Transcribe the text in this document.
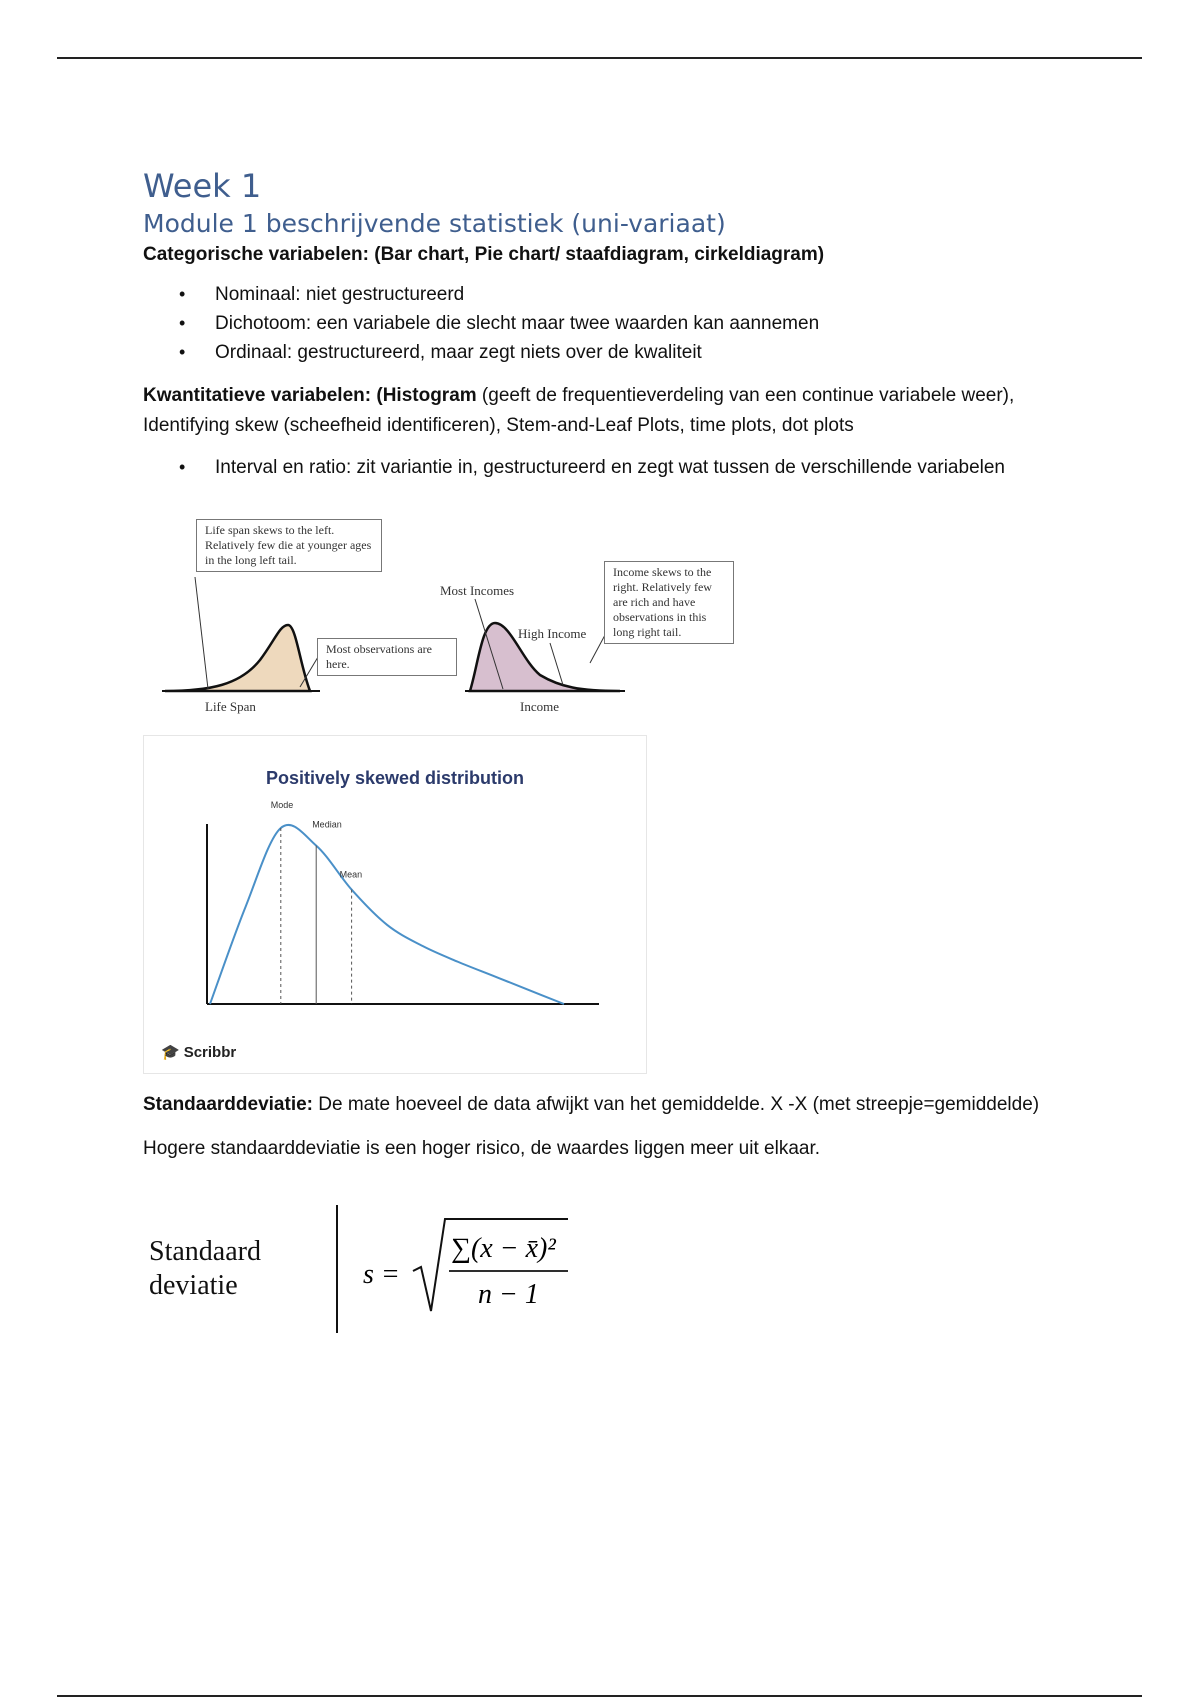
Week 1
Module 1 beschrijvende statistiek (uni-variaat)

Categorische variabelen: (Bar chart, Pie chart/ staafdiagram, cirkeldiagram)

• Nominaal: niet gestructureerd
• Dichotoom: een variabele die slecht maar twee waarden kan aannemen
• Ordinaal: gestructureerd, maar zegt niets over de kwaliteit

Kwantitatieve variabelen: (Histogram (geeft de frequentieverdeling van een continue variabele weer), Identifying skew (scheefheid identificeren), Stem-and-Leaf Plots, time plots, dot plots

• Interval en ratio: zit variantie in, gestructureerd en zegt wat tussen de verschillende variabelen
Life span skews to the left. Relatively few die at younger ages in the long left tail.
Most observations are here.
Life Span
Most Incomes
High Income
Income skews to the right. Relatively few are rich and have observations in this long right tail.
Income
Positively skewed distribution
Mode
Median
Mean
🎓 Scribbr

Standaarddeviatie: De mate hoeveel de data afwijkt van het gemiddelde. X -X (met streepje=gemiddelde)

Hogere standaarddeviatie is een hoger risico, de waardes liggen meer uit elkaar.

Standaard
deviatie	s =
∑(x − x̄)²
n − 1
